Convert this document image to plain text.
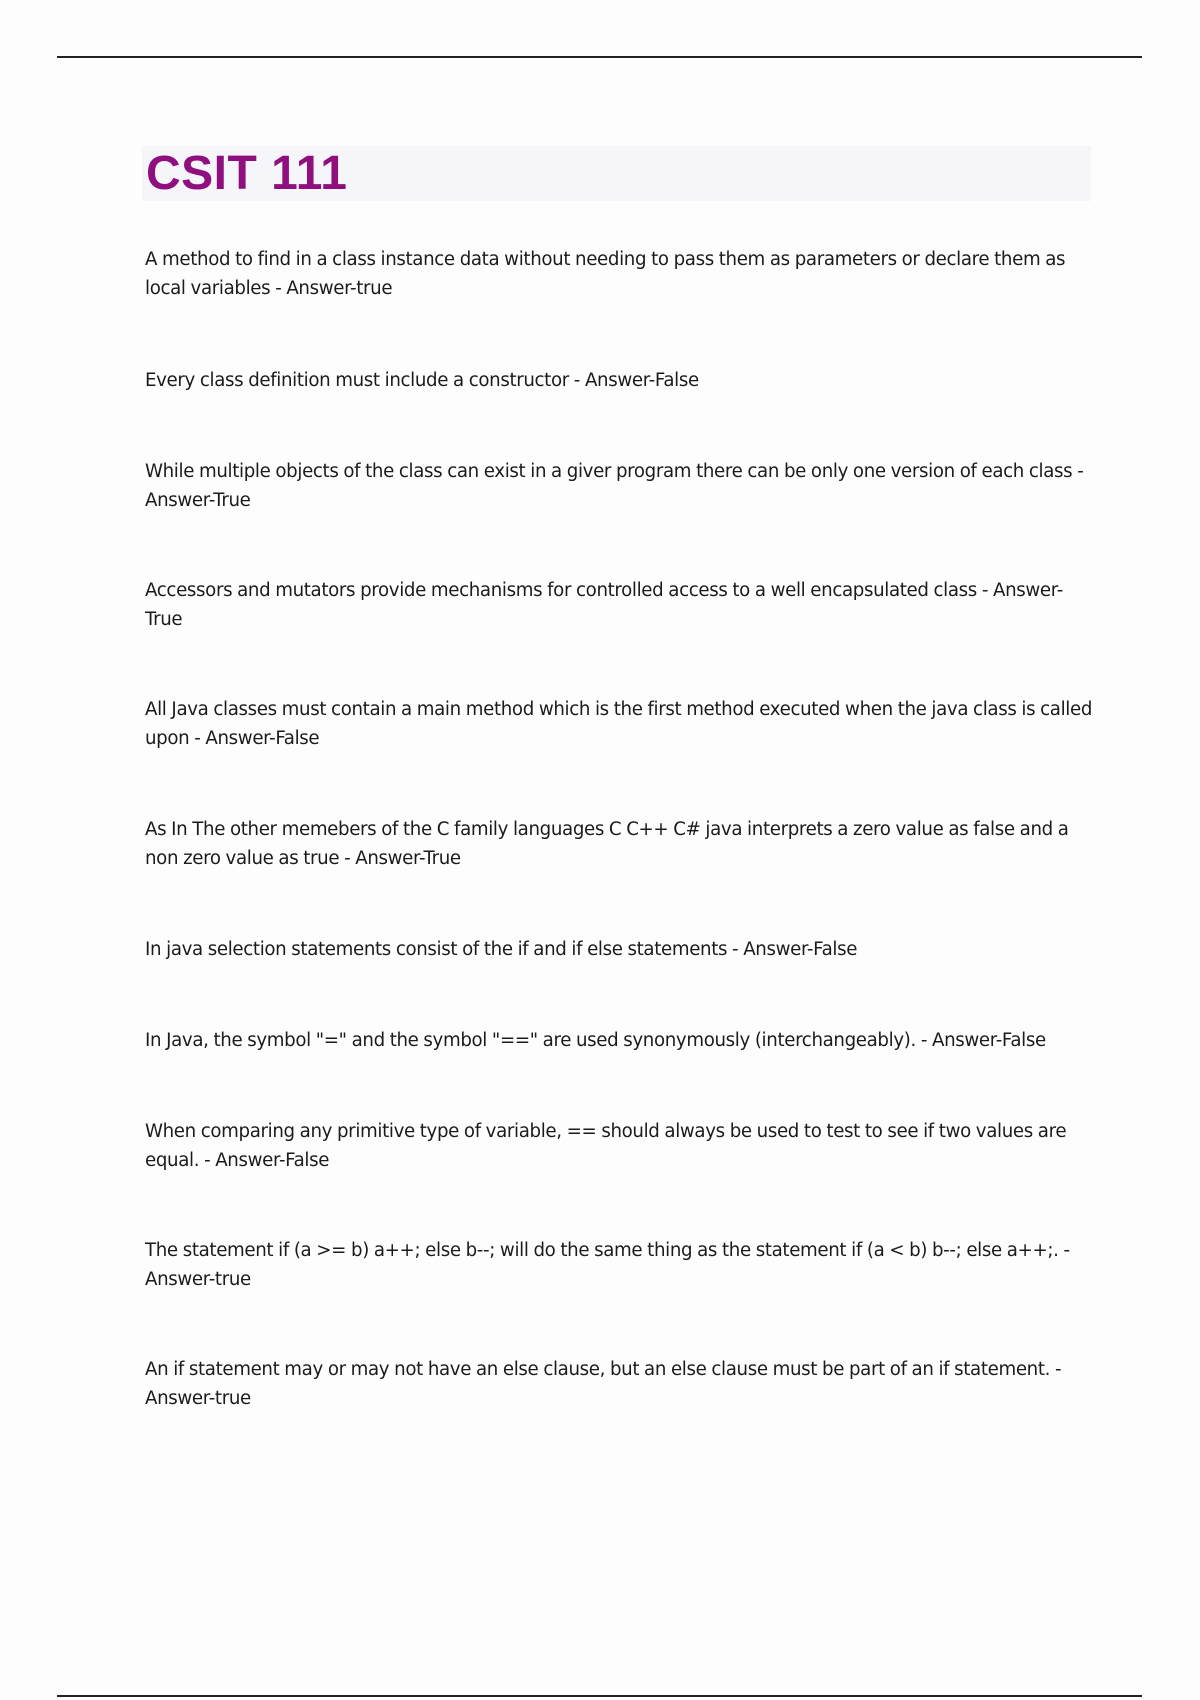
CSIT 111

A method to find in a class instance data without needing to pass them as parameters or declare them as local variables - Answer-true

Every class definition must include a constructor - Answer-False

While multiple objects of the class can exist in a giver program there can be only one version of each class - Answer-True

Accessors and mutators provide mechanisms for controlled access to a well encapsulated class - Answer-True

All Java classes must contain a main method which is the first method executed when the java class is called upon - Answer-False

As In The other memebers of the C family languages C C++ C# java interprets a zero value as false and a non zero value as true - Answer-True

In java selection statements consist of the if and if else statements - Answer-False

In Java, the symbol "=" and the symbol "==" are used synonymously (interchangeably). - Answer-False

When comparing any primitive type of variable, == should always be used to test to see if two values are equal. - Answer-False

The statement if (a >= b) a++; else b--; will do the same thing as the statement if (a < b) b--; else a++;. - Answer-true

An if statement may or may not have an else clause, but an else clause must be part of an if statement. - Answer-true
